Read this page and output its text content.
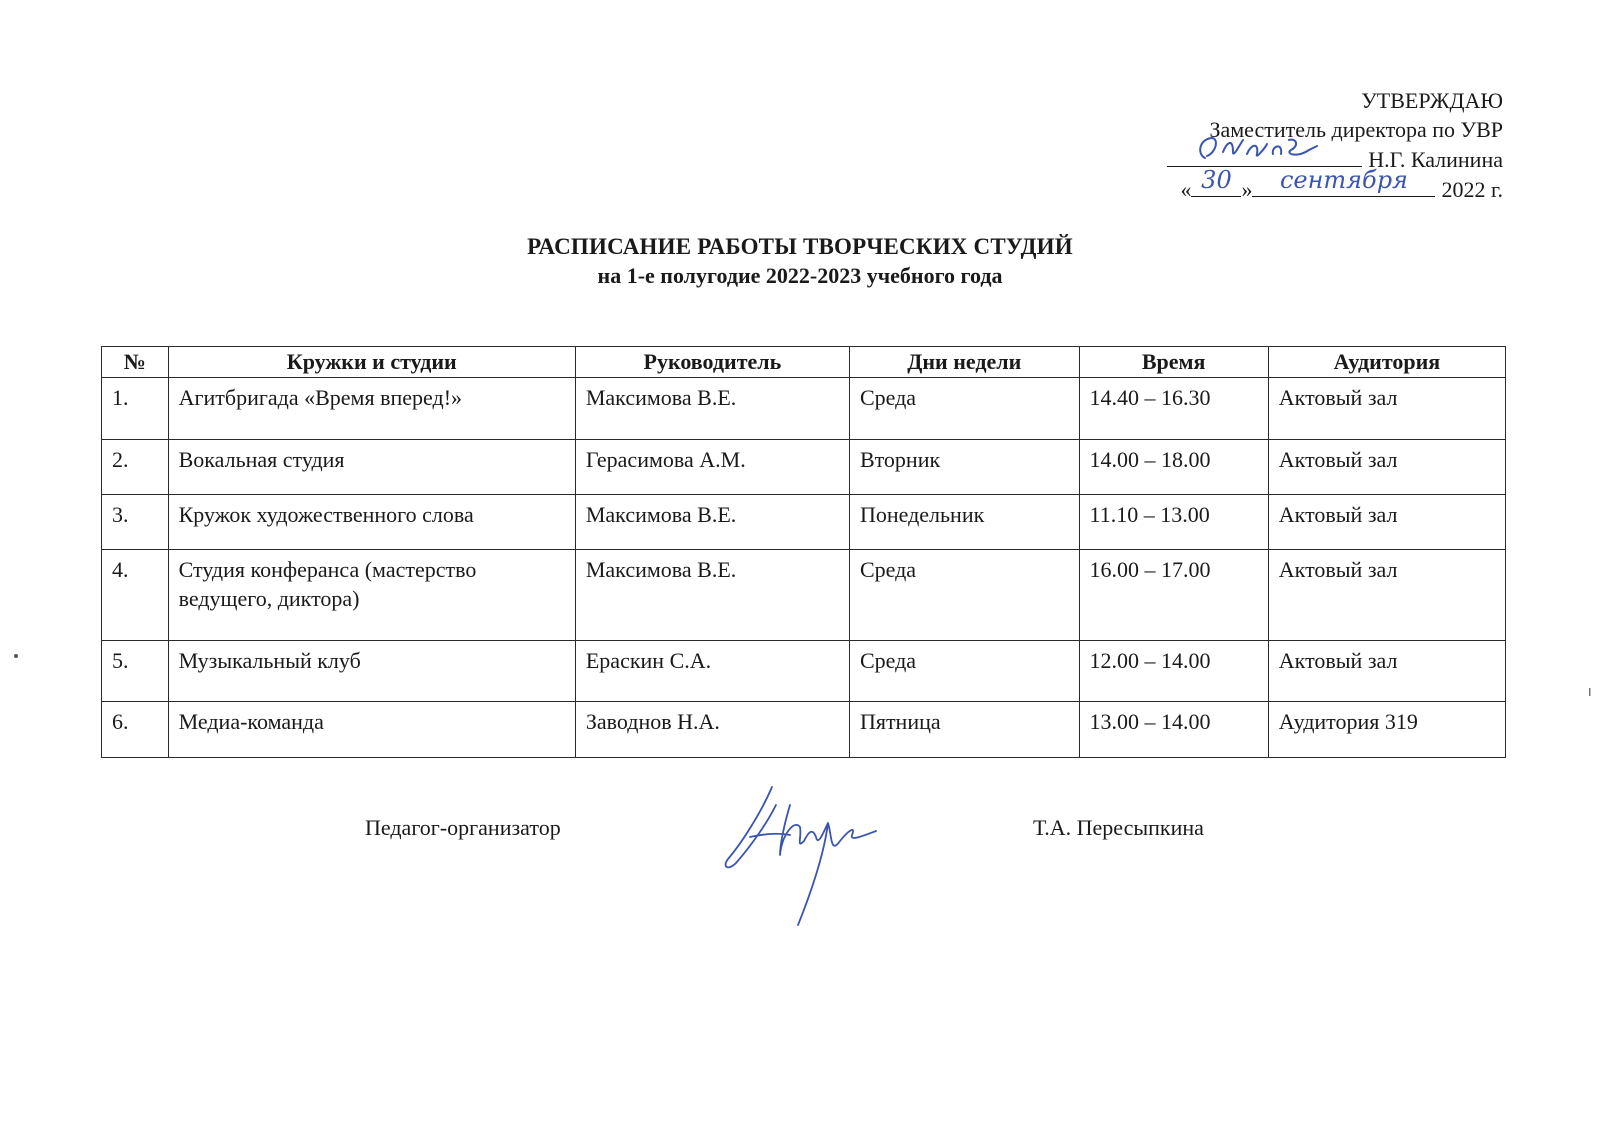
УТВЕРЖДАЮ
Заместитель директора по УВР
Н.Г. Калинина
« 30 »	сентября	2022 г.
РАСПИСАНИЕ РАБОТЫ ТВОРЧЕСКИХ СТУДИЙ
на 1-е полугодие 2022-2023 учебного года
№	Кружки и студии	Руководитель	Дни недели	Время	Аудитория
1.	Агитбригада «Время вперед!»	Максимова В.Е.	Среда	14.40 – 16.30	Актовый зал
2.	Вокальная студия	Герасимова А.М.	Вторник	14.00 – 18.00	Актовый зал
3.	Кружок художественного слова	Максимова В.Е.	Понедельник	11.10 – 13.00	Актовый зал
4.	Студия конферанса (мастерство ведущего, диктора)	Максимова В.Е.	Среда	16.00 – 17.00	Актовый зал
5.	Музыкальный клуб	Ераскин С.А.	Среда	12.00 – 14.00	Актовый зал
6.	Медиа-команда	Заводнов Н.А.	Пятница	13.00 – 14.00	Аудитория 319
Педагог-организатор	Т.А. Пересыпкина
